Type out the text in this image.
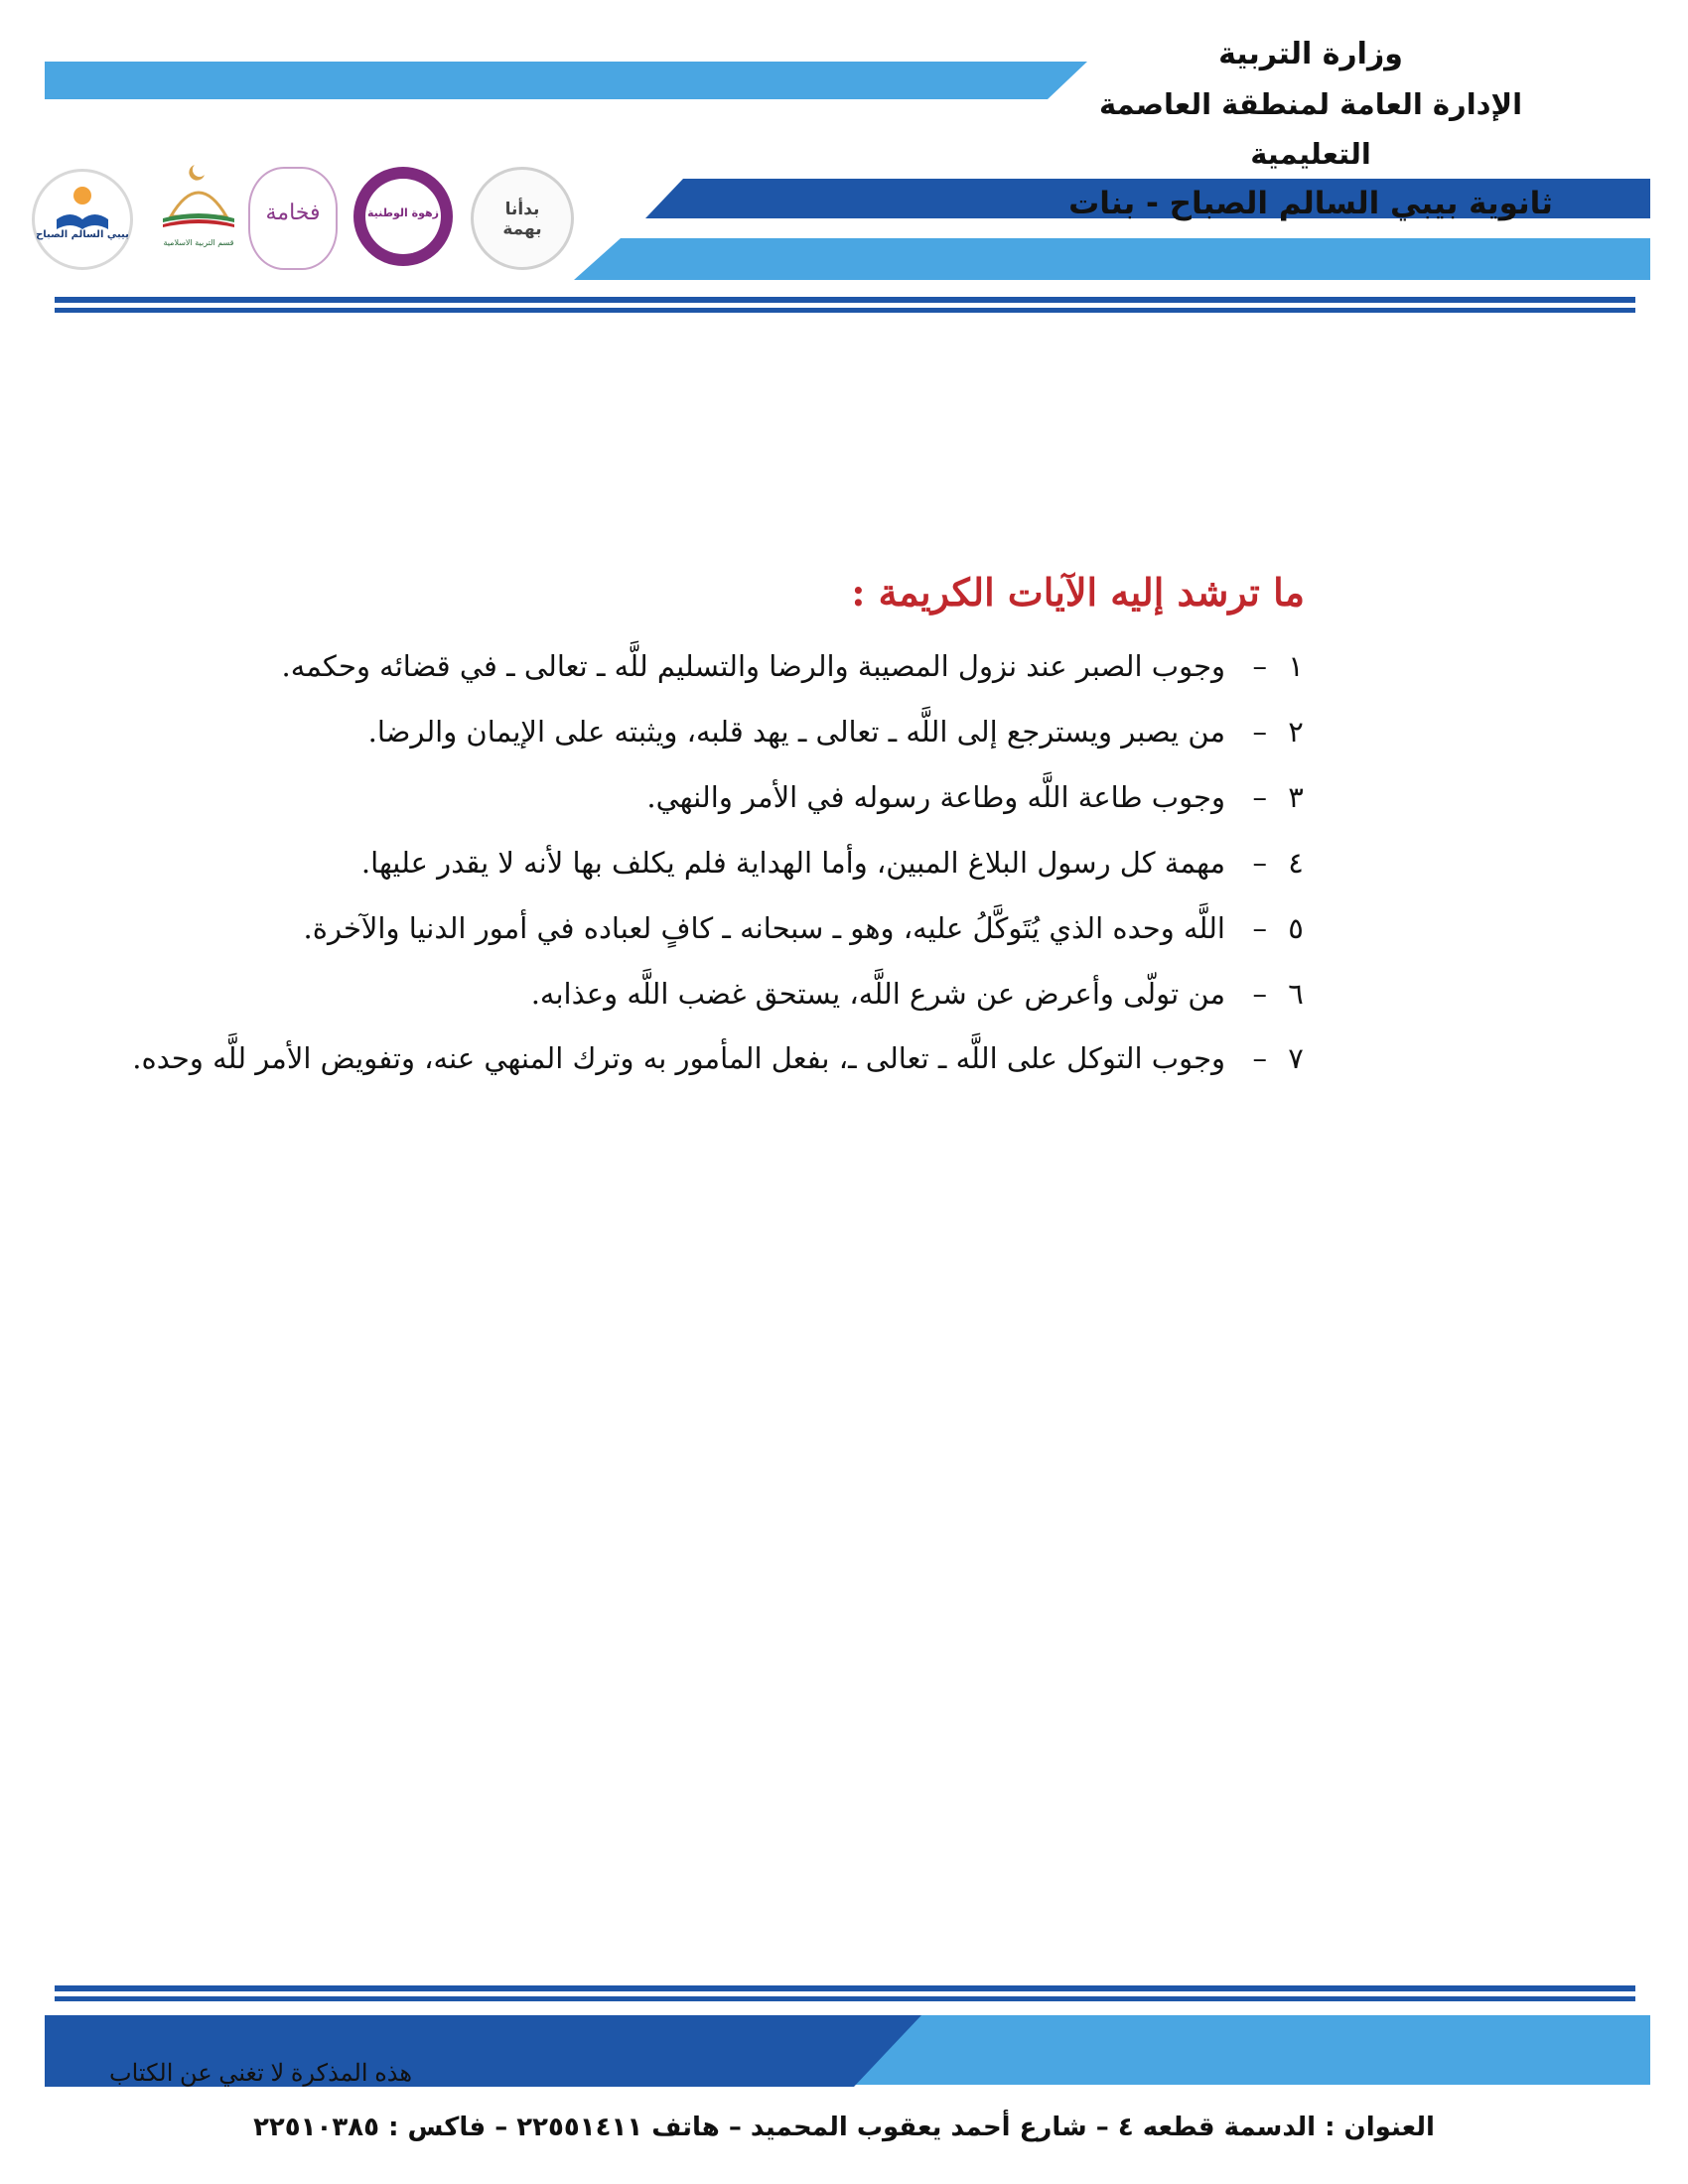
وزارة التربية
الإدارة العامة لمنطقة العاصمة التعليمية
ثانوية بيبي السالم الصباح - بنات
بيبي السالم الصباح
قسم التربية الاسلامية
فخامة	زهوة الوطنية	بدأنا بهمة
ما ترشد إليه الآيات الكريمة :
١
–
وجوب الصبر عند نزول المصيبة والرضا والتسليم للَّه ـ تعالى ـ في قضائه وحكمه.
٢
–
من يصبر ويسترجع إلى اللَّه ـ تعالى ـ يهد قلبه، ويثبته على الإيمان والرضا.
٣
–
وجوب طاعة اللَّه وطاعة رسوله في الأمر والنهي.
٤
–
مهمة كل رسول البلاغ المبين، وأما الهداية فلم يكلف بها لأنه لا يقدر عليها.
٥
–
اللَّه وحده الذي يُتَوكَّلُ عليه، وهو ـ سبحانه ـ كافٍ لعباده في أمور الدنيا والآخرة.
٦
–
من تولّى وأعرض عن شرع اللَّه، يستحق غضب اللَّه وعذابه.
٧
–
وجوب التوكل على اللَّه ـ تعالى ـ، بفعل المأمور به وترك المنهي عنه، وتفويض الأمر للَّه وحده.
هذه المذكرة لا تغني عن الكتاب
العنوان : الدسمة قطعه ٤ – شارع أحمد يعقوب المحميد – هاتف ٢٢٥٥١٤١١ – فاكس : ٢٢٥١٠٣٨٥
